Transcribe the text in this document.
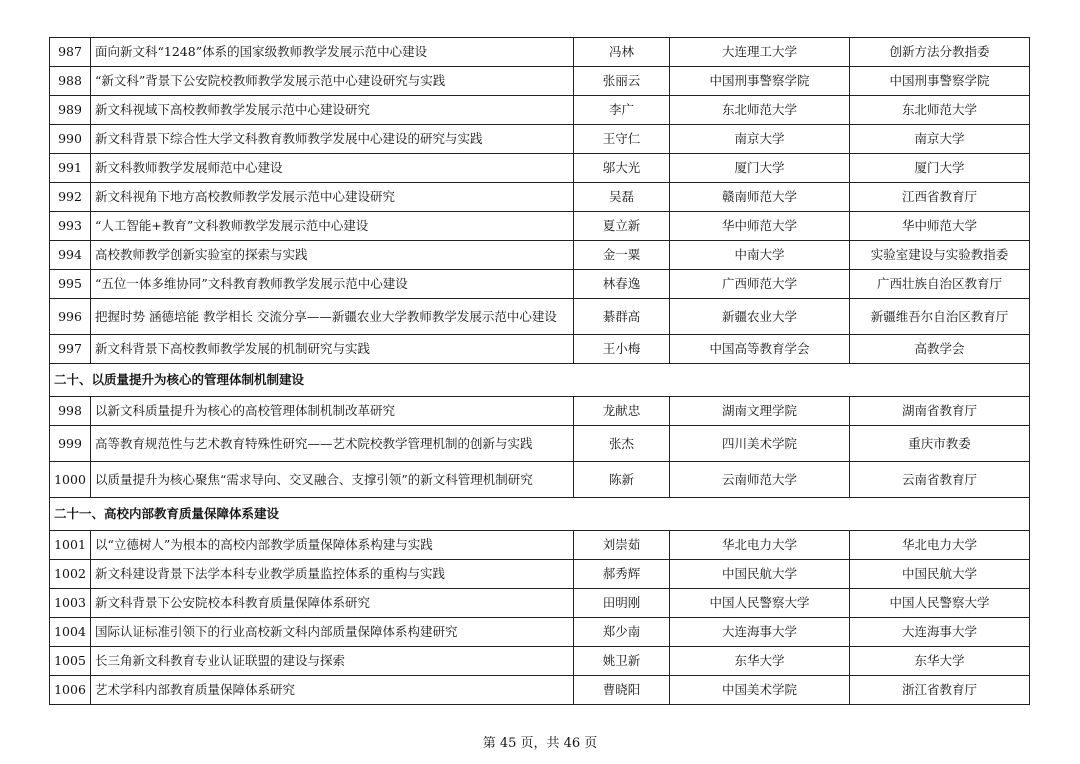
987	面向新文科“1248”体系的国家级教师教学发展示范中心建设	冯林	大连理工大学	创新方法分教指委
988	“新文科”背景下公安院校教师教学发展示范中心建设研究与实践	张丽云	中国刑事警察学院	中国刑事警察学院
989	新文科视域下高校教师教学发展示范中心建设研究	李广	东北师范大学	东北师范大学
990	新文科背景下综合性大学文科教育教师教学发展中心建设的研究与实践	王守仁	南京大学	南京大学
991	新文科教师教学发展师范中心建设	邬大光	厦门大学	厦门大学
992	新文科视角下地方高校教师教学发展示范中心建设研究	吴磊	赣南师范大学	江西省教育厅
993	“人工智能+教育”文科教师教学发展示范中心建设	夏立新	华中师范大学	华中师范大学
994	高校教师教学创新实验室的探索与实践	金一粟	中南大学	实验室建设与实验教指委
995	“五位一体多维协同”文科教育教师教学发展示范中心建设	林春逸	广西师范大学	广西壮族自治区教育厅
996	把握时势 涵德培能 教学相长 交流分享——新疆农业大学教师教学发展示范中心建设	綦群高	新疆农业大学	新疆维吾尔自治区教育厅
997	新文科背景下高校教师教学发展的机制研究与实践	王小梅	中国高等教育学会	高教学会
二十、以质量提升为核心的管理体制机制建设				
998	以新文科质量提升为核心的高校管理体制机制改革研究	龙献忠	湖南文理学院	湖南省教育厅
999	高等教育规范性与艺术教育特殊性研究——艺术院校教学管理机制的创新与实践	张杰	四川美术学院	重庆市教委
1000	以质量提升为核心聚焦“需求导向、交叉融合、支撑引领”的新文科管理机制研究	陈新	云南师范大学	云南省教育厅
二十一、高校内部教育质量保障体系建设				
1001	以“立德树人”为根本的高校内部教学质量保障体系构建与实践	刘崇茹	华北电力大学	华北电力大学
1002	新文科建设背景下法学本科专业教学质量监控体系的重构与实践	郝秀辉	中国民航大学	中国民航大学
1003	新文科背景下公安院校本科教育质量保障体系研究	田明刚	中国人民警察大学	中国人民警察大学
1004	国际认证标准引领下的行业高校新文科内部质量保障体系构建研究	郑少南	大连海事大学	大连海事大学
1005	长三角新文科教育专业认证联盟的建设与探索	姚卫新	东华大学	东华大学
1006	艺术学科内部教育质量保障体系研究	曹晓阳	中国美术学院	浙江省教育厅
第 45 页，共 46 页
